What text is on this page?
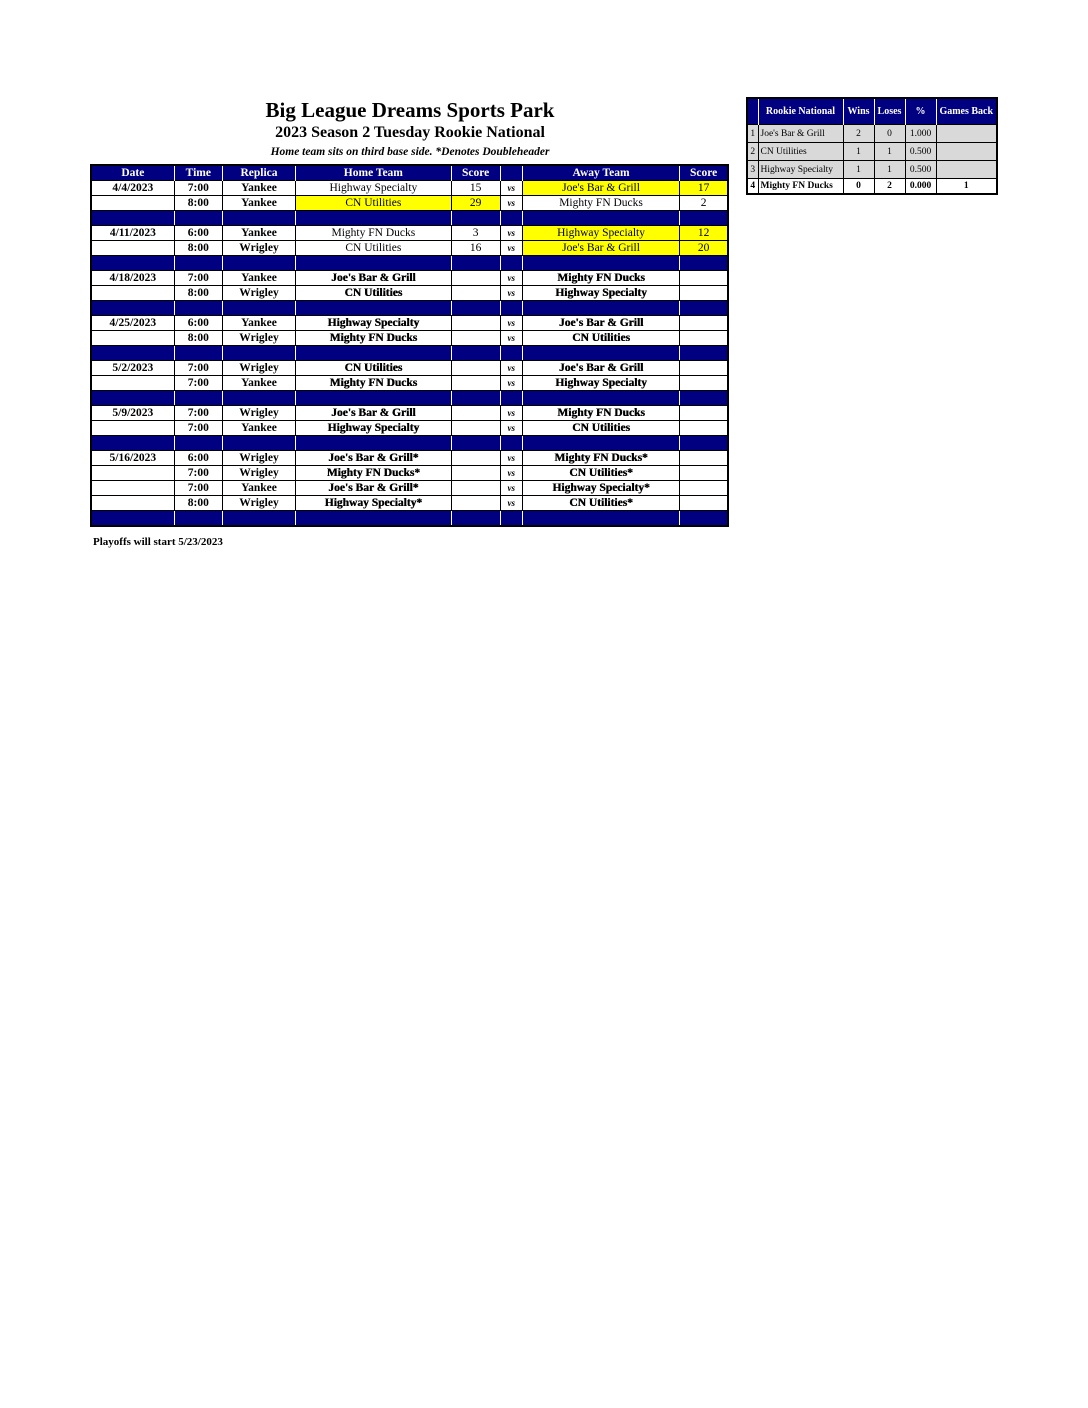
Big League Dreams Sports Park
2023 Season 2 Tuesday Rookie National
Home team sits on third base side. *Denotes Doubleheader
Date	Time	Replica	Home Team	Score		Away Team	Score
4/4/2023	7:00	Yankee	Highway Specialty	15	vs	Joe's Bar & Grill	17
	8:00	Yankee	CN Utilities	29	vs	Mighty FN Ducks	2

4/11/2023	6:00	Yankee	Mighty FN Ducks	3	vs	Highway Specialty	12
	8:00	Wrigley	CN Utilities	16	vs	Joe's Bar & Grill	20

4/18/2023	7:00	Yankee	Joe's Bar & Grill		vs	Mighty FN Ducks	
	8:00	Wrigley	CN Utilities		vs	Highway Specialty	

4/25/2023	6:00	Yankee	Highway Specialty		vs	Joe's Bar & Grill	
	8:00	Wrigley	Mighty FN Ducks		vs	CN Utilities	

5/2/2023	7:00	Wrigley	CN Utilities		vs	Joe's Bar & Grill	
	7:00	Yankee	Mighty FN Ducks		vs	Highway Specialty	

5/9/2023	7:00	Wrigley	Joe's Bar & Grill		vs	Mighty FN Ducks	
	7:00	Yankee	Highway Specialty		vs	CN Utilities	

5/16/2023	6:00	Wrigley	Joe's Bar & Grill*		vs	Mighty FN Ducks*	
	7:00	Wrigley	Mighty FN Ducks*		vs	CN Utilities*	
	7:00	Yankee	Joe's Bar & Grill*		vs	Highway Specialty*	
	8:00	Wrigley	Highway Specialty*		vs	CN Utilities*	

Playoffs will start 5/23/2023
	Rookie National	Wins	Loses	%	Games Back
1	Joe's Bar & Grill	2	0	1.000	
2	CN Utilities	1	1	0.500	
3	Highway Specialty	1	1	0.500	
4	Mighty FN Ducks	0	2	0.000	1
